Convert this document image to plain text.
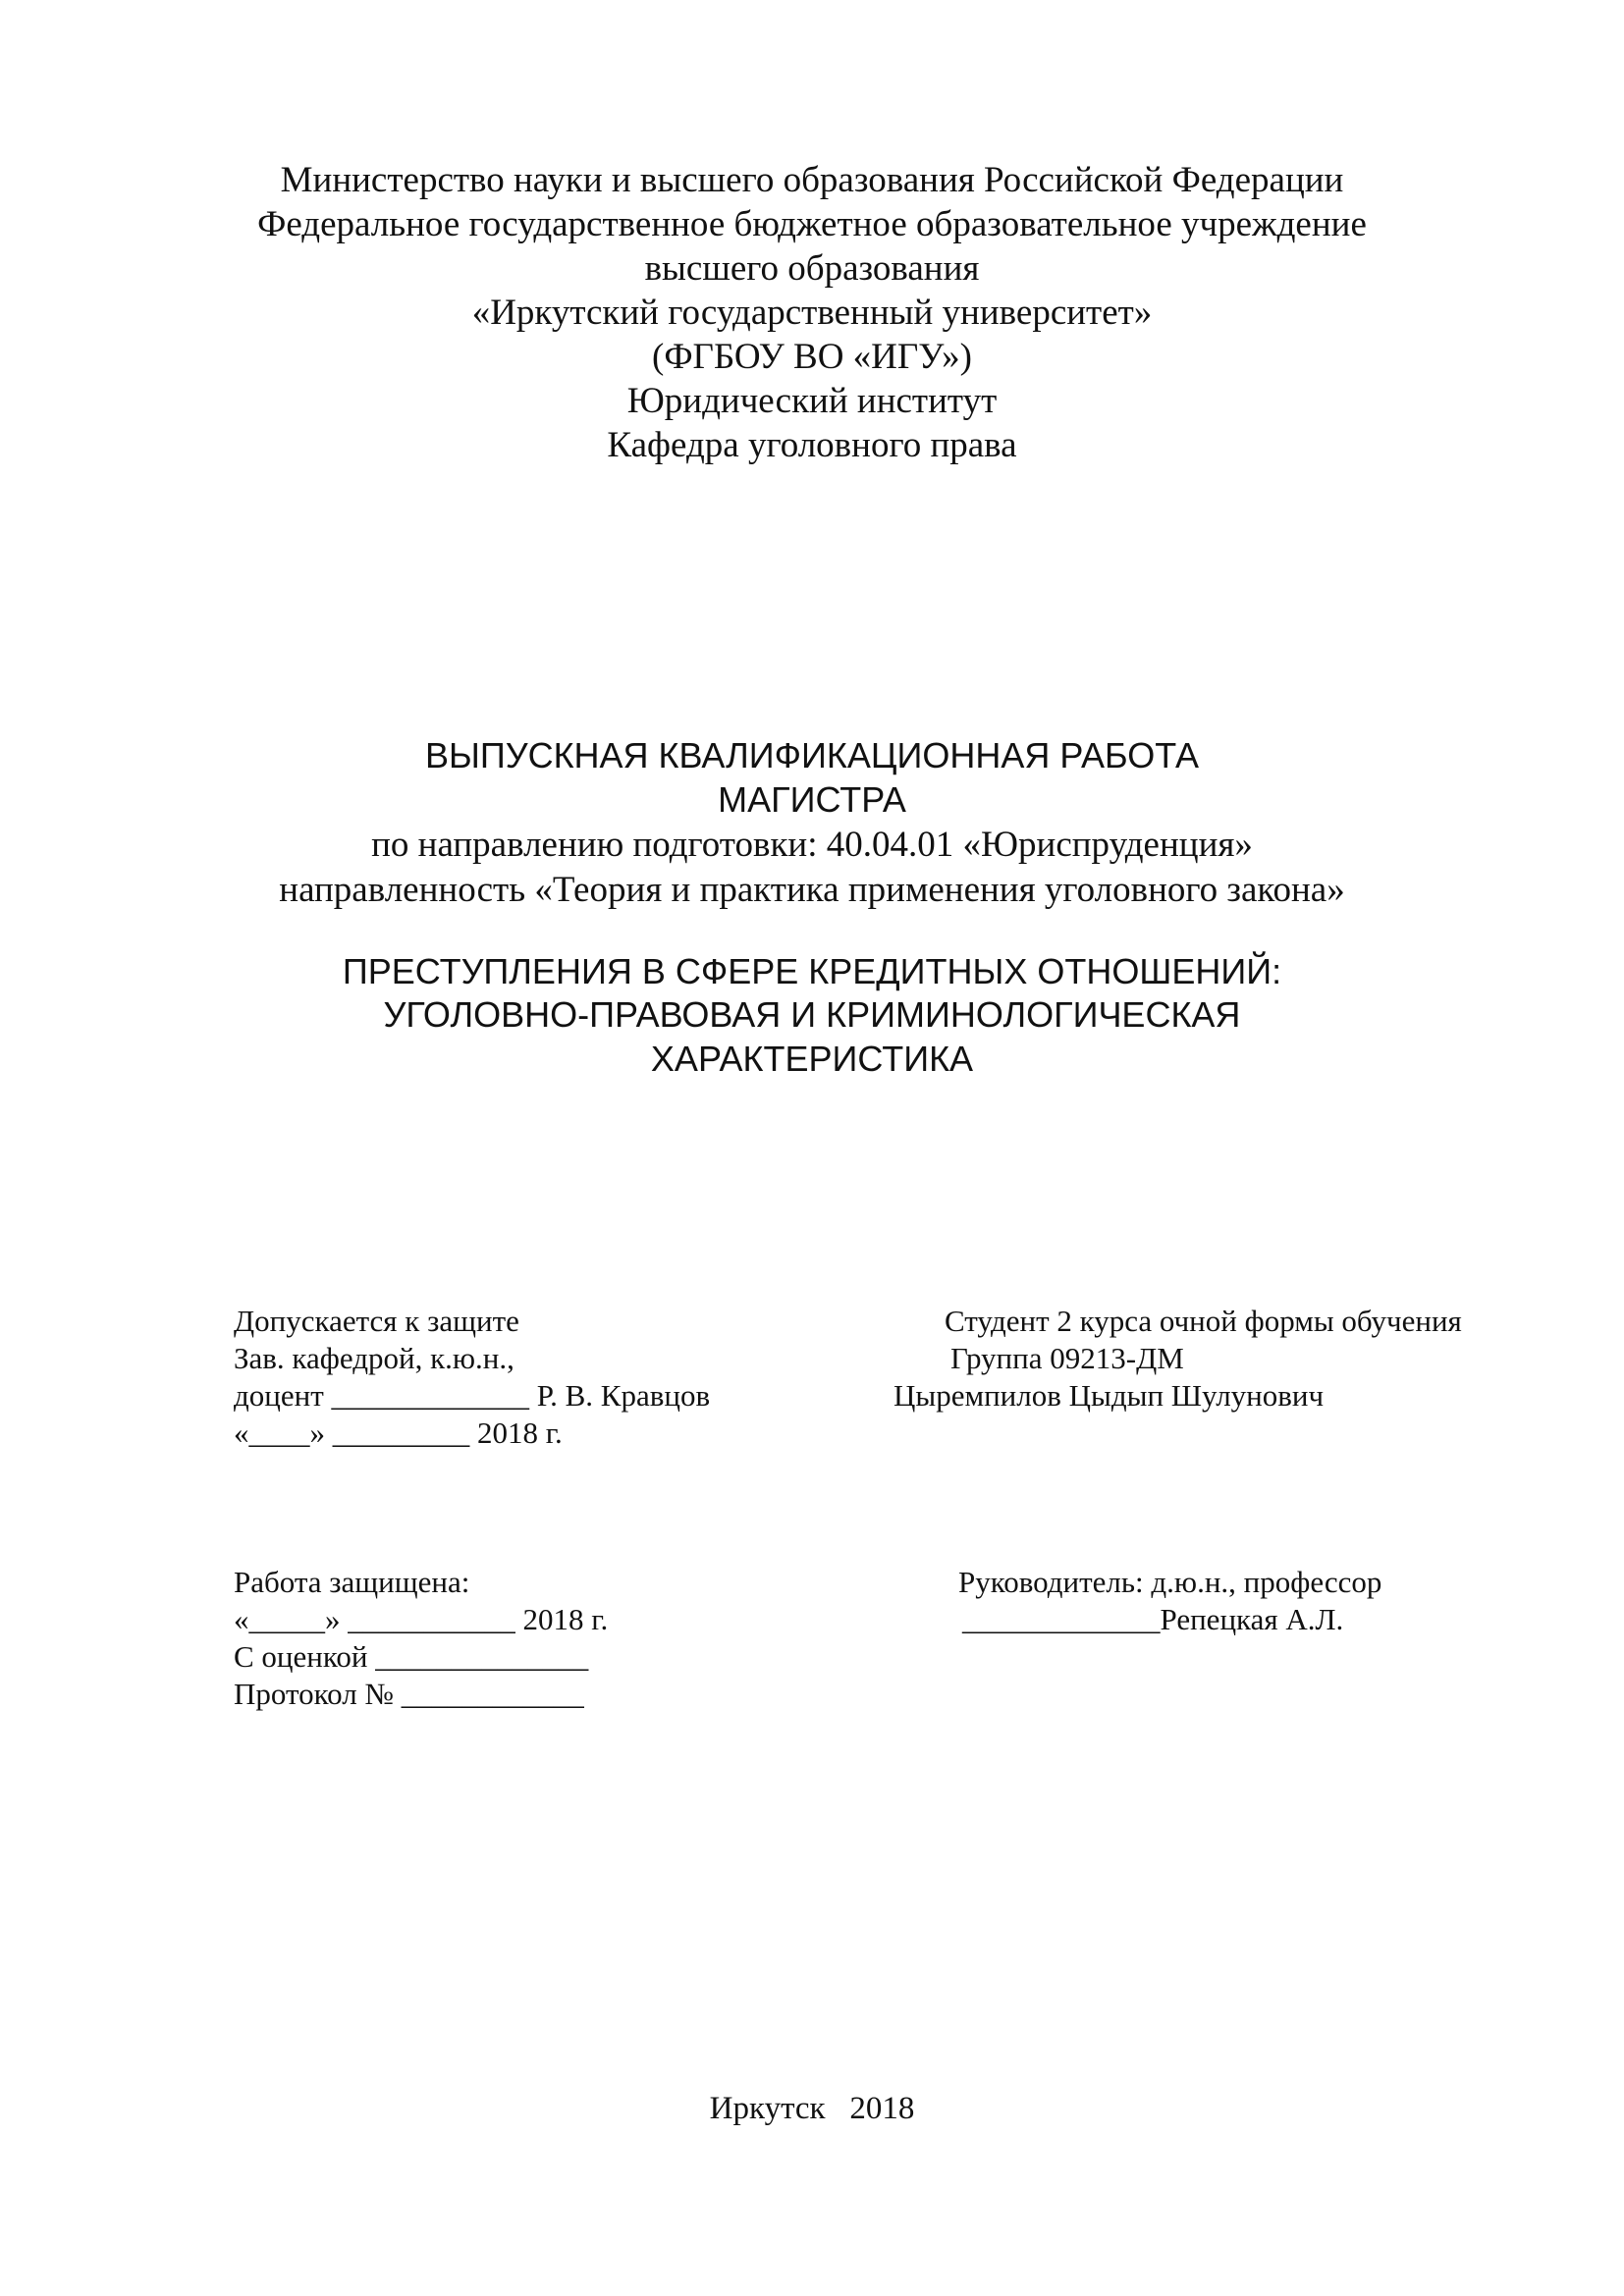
Министерство науки и высшего образования Российской Федерации
Федеральное государственное бюджетное образовательное учреждение
высшего образования
«Иркутский государственный университет»
(ФГБОУ ВО «ИГУ»)
Юридический институт
Кафедра уголовного права
ВЫПУСКНАЯ КВАЛИФИКАЦИОННАЯ РАБОТА
МАГИСТРА
по направлению подготовки: 40.04.01 «Юриспруденция»
направленность «Теория и практика применения уголовного закона»
ПРЕСТУПЛЕНИЯ В СФЕРЕ КРЕДИТНЫХ ОТНОШЕНИЙ:
УГОЛОВНО-ПРАВОВАЯ И КРИМИНОЛОГИЧЕСКАЯ
ХАРАКТЕРИСТИКА
Допускается к защите
Зав. кафедрой, к.ю.н.,
доцент _____________ Р. В. Кравцов
«____» _________ 2018 г.
Студент 2 курса очной формы обучения
Группа 09213-ДМ
Цыремпилов Цыдып Шулунович
Работа защищена:
«_____» ___________ 2018 г.
С оценкой ______________
Протокол № ____________
Руководитель: д.ю.н., профессор
_____________Репецкая А.Л.
Иркутск   2018
